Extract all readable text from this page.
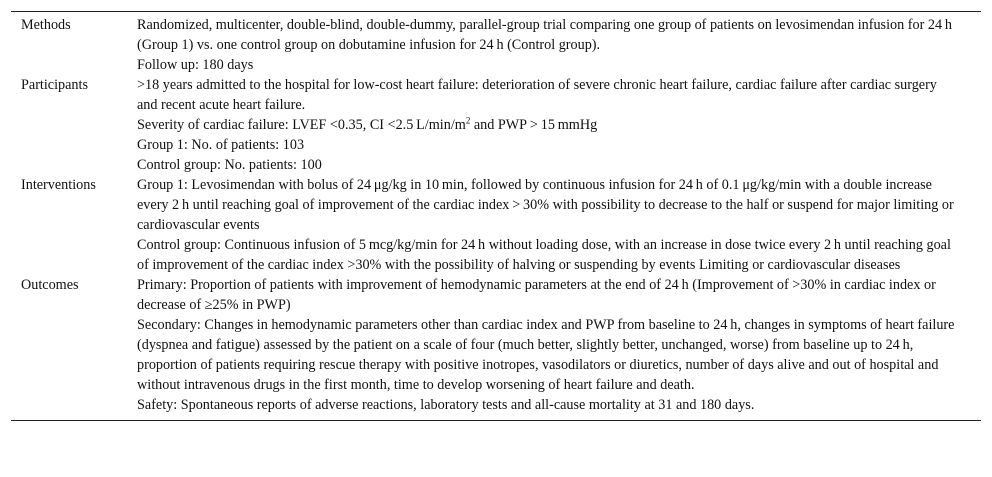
Methods	Randomized, multicenter, double-blind, double-dummy, parallel-group trial comparing one group of patients on levosimendan infusion for 24 h (Group 1) vs. one control group on dobutamine infusion for 24 h (Control group).
Follow up: 180 days
Participants	>18 years admitted to the hospital for low-cost heart failure: deterioration of severe chronic heart failure, cardiac failure after cardiac surgery and recent acute heart failure.
Severity of cardiac failure: LVEF <0.35, CI <2.5 $L/\min/m^2$ and PWP > 15 mmHg
Group 1: No. of patients: 103
Control group: No. patients: 100
Interventions	Group 1: Levosimendan with bolus of 24 μg/kg in 10 min, followed by continuous infusion for 24 h of 0.1 μg/kg/min with a double increase every 2 h until reaching goal of improvement of the cardiac index > 30% with possibility to decrease to the half or suspend for major limiting or cardiovascular events
Control group: Continuous infusion of 5 mcg/kg/min for 24 h without loading dose, with an increase in dose twice every 2 h until reaching goal of improvement of the cardiac index >30% with the possibility of halving or suspending by events Limiting or cardiovascular diseases
Outcomes	Primary: Proportion of patients with improvement of hemodynamic parameters at the end of 24 h (Improvement of >30% in cardiac index or decrease of ≥25% in PWP)
Secondary: Changes in hemodynamic parameters other than cardiac index and PWP from baseline to 24 h, changes in symptoms of heart failure (dyspnea and fatigue) assessed by the patient on a scale of four (much better, slightly better, unchanged, worse) from baseline up to 24 h, proportion of patients requiring rescue therapy with positive inotropes, vasodilators or diuretics, number of days alive and out of hospital and without intravenous drugs in the first month, time to develop worsening of heart failure and death.
Safety: Spontaneous reports of adverse reactions, laboratory tests and all-cause mortality at 31 and 180 days.
